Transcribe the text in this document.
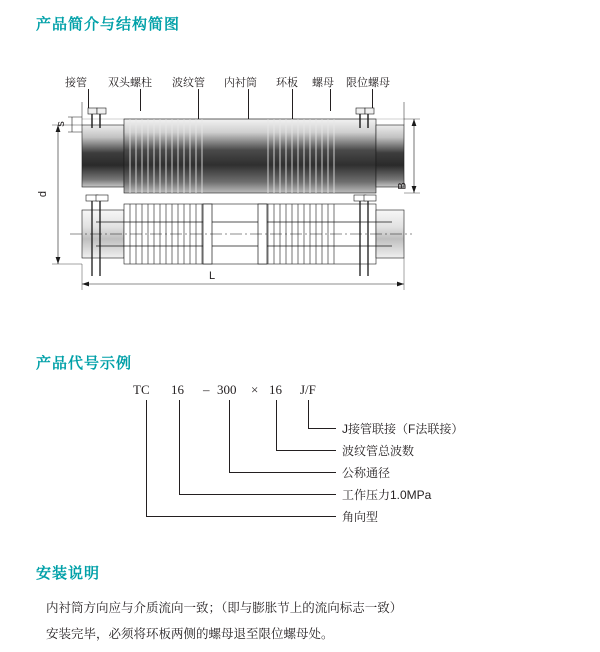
产品简介与结构简图
产品代号示例
安装说明
接管 双头螺柱 波纹管 内衬筒 环板 螺母 限位螺母
s
d
B
L
TC 16 – 300 × 16 J/F
J接管联接（F法联接）
波纹管总波数
公称通径
工作压力1.0MPa
角向型

内衬筒方向应与介质流向一致；（即与膨胀节上的流向标志一致）

安装完毕，必须将环板两侧的螺母退至限位螺母处。
